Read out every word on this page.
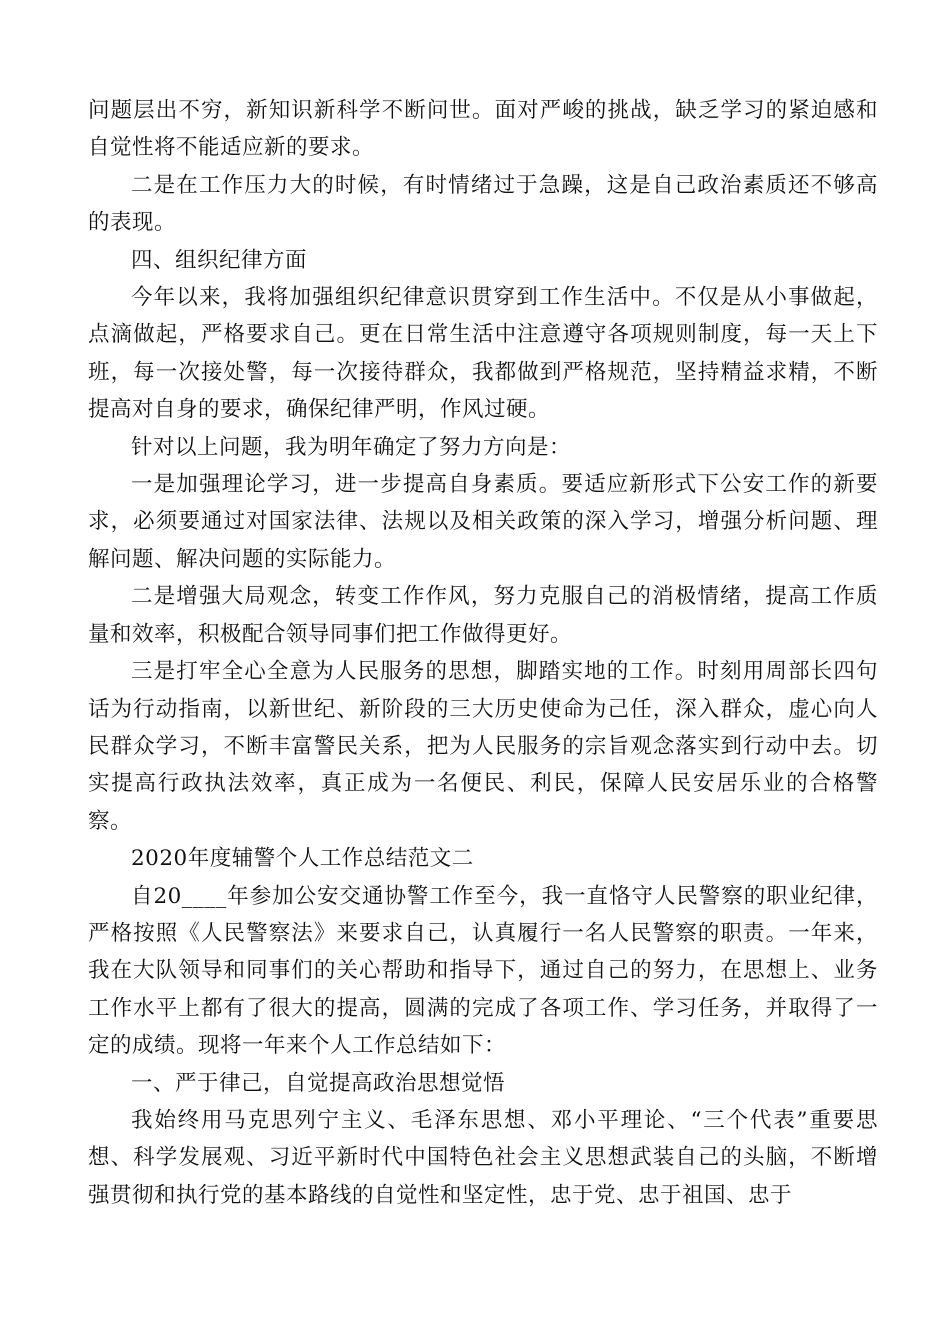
问题层出不穷，新知识新科学不断问世。面对严峻的挑战，缺乏学习的紧迫感和自觉性将不能适应新的要求。

二是在工作压力大的时候，有时情绪过于急躁，这是自己政治素质还不够高的表现。

四、组织纪律方面

今年以来，我将加强组织纪律意识贯穿到工作生活中。不仅是从小事做起，点滴做起，严格要求自己。更在日常生活中注意遵守各项规则制度，每一天上下班，每一次接处警，每一次接待群众，我都做到严格规范，坚持精益求精，不断提高对自身的要求，确保纪律严明，作风过硬。

针对以上问题，我为明年确定了努力方向是：

一是加强理论学习，进一步提高自身素质。要适应新形式下公安工作的新要求，必须要通过对国家法律、法规以及相关政策的深入学习，增强分析问题、理解问题、解决问题的实际能力。

二是增强大局观念，转变工作作风，努力克服自己的消极情绪，提高工作质量和效率，积极配合领导同事们把工作做得更好。

三是打牢全心全意为人民服务的思想，脚踏实地的工作。时刻用周部长四句话为行动指南，以新世纪、新阶段的三大历史使命为己任，深入群众，虚心向人民群众学习，不断丰富警民关系，把为人民服务的宗旨观念落实到行动中去。切实提高行政执法效率，真正成为一名便民、利民，保障人民安居乐业的合格警察。

2020年度辅警个人工作总结范文二

自20____年参加公安交通协警工作至今，我一直恪守人民警察的职业纪律，严格按照《人民警察法》来要求自己，认真履行一名人民警察的职责。一年来，我在大队领导和同事们的关心帮助和指导下，通过自己的努力，在思想上、业务工作水平上都有了很大的提高，圆满的完成了各项工作、学习任务，并取得了一定的成绩。现将一年来个人工作总结如下：

一、严于律己，自觉提高政治思想觉悟

我始终用马克思列宁主义、毛泽东思想、邓小平理论、“三个代表”重要思想、科学发展观、习近平新时代中国特色社会主义思想武装自己的头脑，不断增强贯彻和执行党的基本路线的自觉性和坚定性，忠于党、忠于祖国、忠于
